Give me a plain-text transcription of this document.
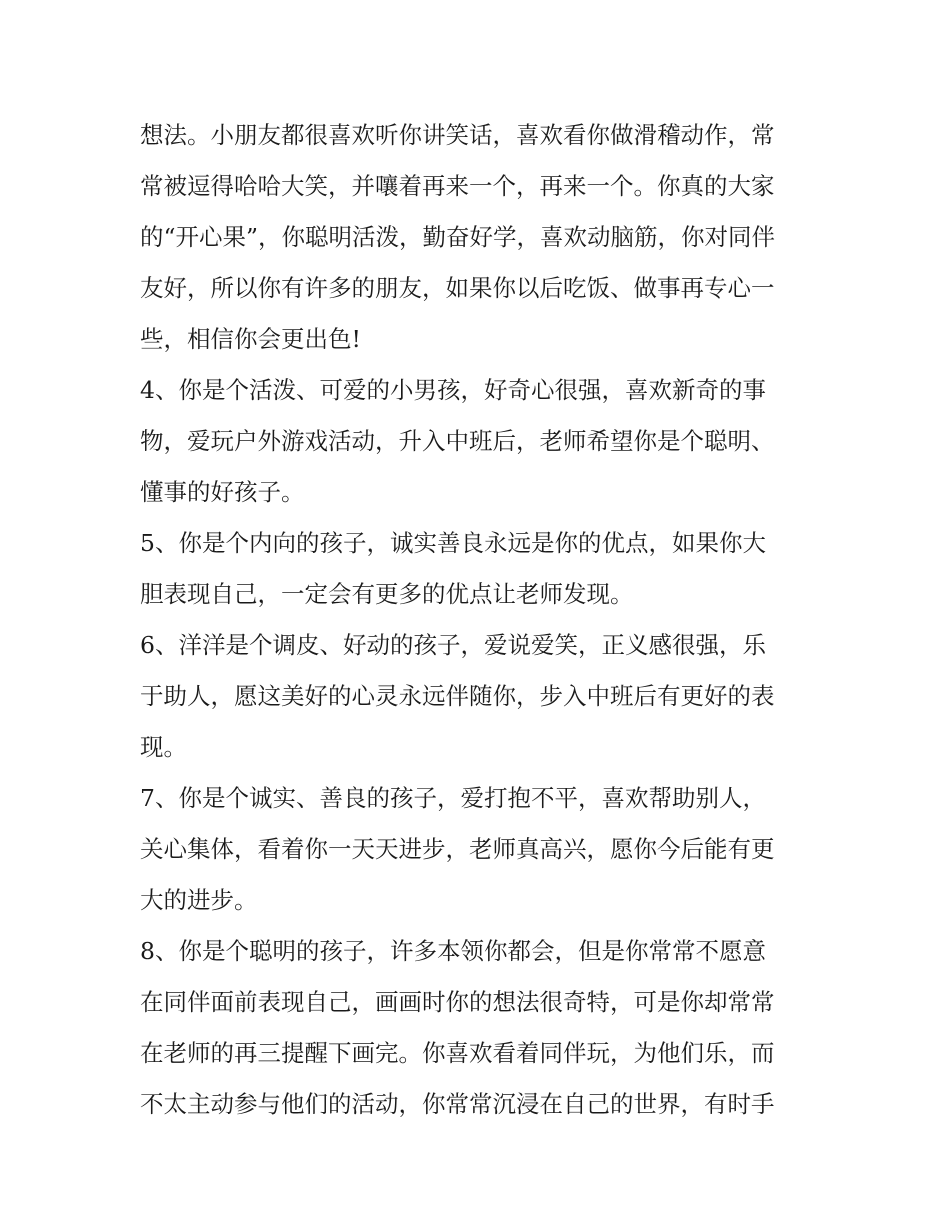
想法。小朋友都很喜欢听你讲笑话，喜欢看你做滑稽动作，常
常被逗得哈哈大笑，并嚷着再来一个，再来一个。你真的大家
的“开心果”，你聪明活泼，勤奋好学，喜欢动脑筋，你对同伴
友好，所以你有许多的朋友，如果你以后吃饭、做事再专心一
些，相信你会更出色!
4、你是个活泼、可爱的小男孩，好奇心很强，喜欢新奇的事
物，爱玩户外游戏活动，升入中班后，老师希望你是个聪明、
懂事的好孩子。
5、你是个内向的孩子，诚实善良永远是你的优点，如果你大
胆表现自己，一定会有更多的优点让老师发现。
6、洋洋是个调皮、好动的孩子，爱说爱笑，正义感很强，乐
于助人，愿这美好的心灵永远伴随你，步入中班后有更好的表
现。
7、你是个诚实、善良的孩子，爱打抱不平，喜欢帮助别人，
关心集体，看着你一天天进步，老师真高兴，愿你今后能有更
大的进步。
8、你是个聪明的孩子，许多本领你都会，但是你常常不愿意
在同伴面前表现自己，画画时你的想法很奇特，可是你却常常
在老师的再三提醒下画完。你喜欢看着同伴玩，为他们乐，而
不太主动参与他们的活动，你常常沉浸在自己的世界，有时手
